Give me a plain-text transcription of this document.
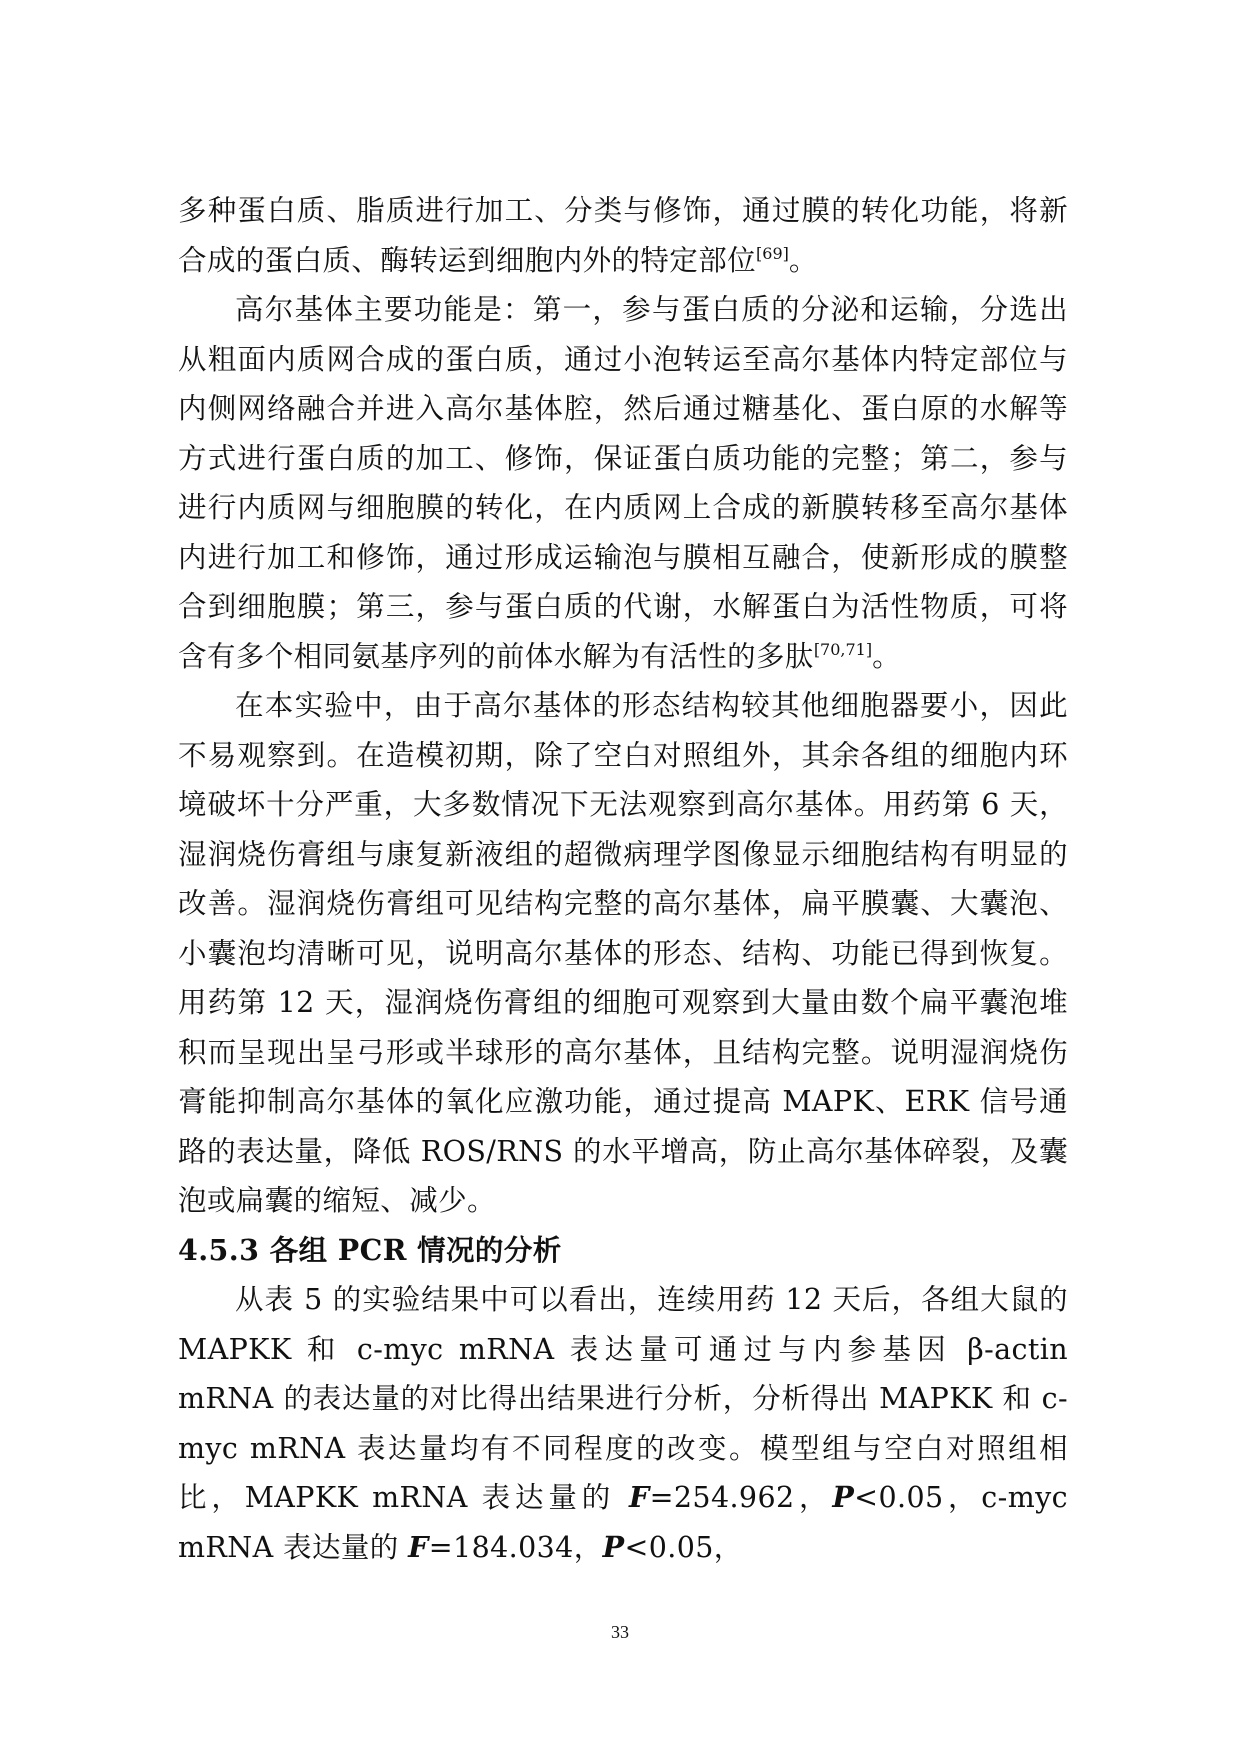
多种蛋白质、脂质进行加工、分类与修饰，通过膜的转化功能，将新合成的蛋白质、酶转运到细胞内外的特定部位[69]。

高尔基体主要功能是：第一，参与蛋白质的分泌和运输，分选出从粗面内质网合成的蛋白质，通过小泡转运至高尔基体内特定部位与内侧网络融合并进入高尔基体腔，然后通过糖基化、蛋白原的水解等方式进行蛋白质的加工、修饰，保证蛋白质功能的完整；第二，参与进行内质网与细胞膜的转化，在内质网上合成的新膜转移至高尔基体内进行加工和修饰，通过形成运输泡与膜相互融合，使新形成的膜整合到细胞膜；第三，参与蛋白质的代谢，水解蛋白为活性物质，可将含有多个相同氨基序列的前体水解为有活性的多肽[70,71]。

在本实验中，由于高尔基体的形态结构较其他细胞器要小，因此不易观察到。在造模初期，除了空白对照组外，其余各组的细胞内环境破坏十分严重，大多数情况下无法观察到高尔基体。用药第 6 天，湿润烧伤膏组与康复新液组的超微病理学图像显示细胞结构有明显的改善。湿润烧伤膏组可见结构完整的高尔基体，扁平膜囊、大囊泡、小囊泡均清晰可见，说明高尔基体的形态、结构、功能已得到恢复。用药第 12 天，湿润烧伤膏组的细胞可观察到大量由数个扁平囊泡堆积而呈现出呈弓形或半球形的高尔基体，且结构完整。说明湿润烧伤膏能抑制高尔基体的氧化应激功能，通过提高 MAPK、ERK 信号通路的表达量，降低 ROS/RNS 的水平增高，防止高尔基体碎裂，及囊泡或扁囊的缩短、减少。

4.5.3 各组 PCR 情况的分析

从表 5 的实验结果中可以看出，连续用药 12 天后，各组大鼠的 MAPKK 和 c-myc mRNA 表达量可通过与内参基因 β-actin mRNA 的表达量的对比得出结果进行分析，分析得出 MAPKK 和 c-myc mRNA 表达量均有不同程度的改变。模型组与空白对照组相比，MAPKK mRNA 表达量的 F=254.962，P<0.05，c-myc mRNA 表达量的 F=184.034，P<0.05，

33
